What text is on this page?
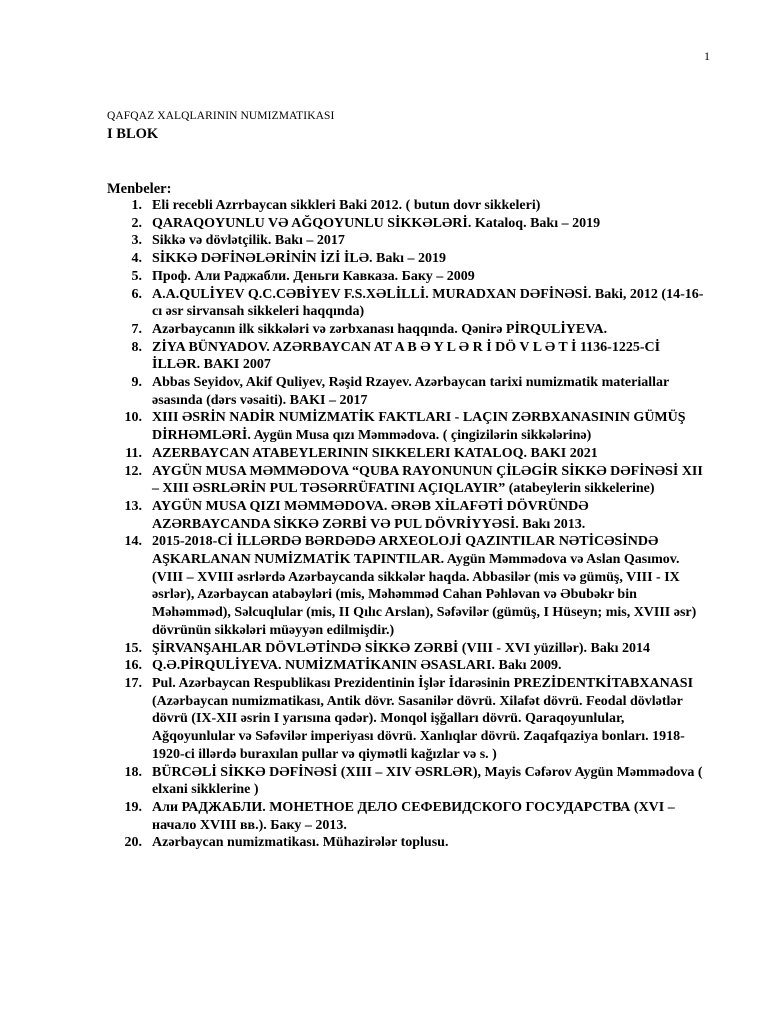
1
QAFQAZ XALQLARININ NUMIZMATIKASI
I BLOK
Menbeler:
1. Eli recebli Azrrbaycan sikkleri Baki 2012. ( butun dovr sikkeleri)
2. QARAQOYUNLU VƏ AĞQOYUNLU SİKKƏLƏRİ. Kataloq. Bakı – 2019
3. Sikkə və dövlətçilik. Bakı – 2017
4. SİKKƏ DƏFİNƏLƏRİNİN İZİ İLƏ. Bakı – 2019
5. Проф. Али Раджабли. Деньги Кавказа. Баку – 2009
6. A.A.QULİYEV Q.C.CƏBİYEV F.S.XƏLİLLİ. MURADXAN DƏFİNƏSİ. Baki, 2012 (14-16-cı əsr sirvansah sikkeleri haqqında)
7. Azərbaycanın ilk sikkələri və zərbxanası haqqında. Qənirə PİRQULİYEVA.
8. ZİYA BÜNYADOV. AZƏRBAYCAN AT A B Ə Y L Ə R İ DÖ V L Ə T İ 1136-1225-Cİ İLLƏR. BAKI 2007
9. Abbas Seyidov, Akif Quliyev, Rəşid Rzayev. Azərbaycan tarixi numizmatik materiallar əsasında (dərs vəsaiti). BAKI – 2017
10. XIII ƏSRİN NADİR NUMİZMATİK FAKTLARI - LAÇIN ZƏRBXANASININ GÜMÜŞ DİRHƏMLƏRİ. Aygün Musa qızı Məmmədova. ( çingizilərin sikkələrinə)
11. AZERBAYCAN ATABEYLERININ SIKKELERI KATALOQ. BAKI 2021
12. AYGÜN MUSA MƏMMƏDOVA “QUBA RAYONUNUN ÇİLƏGİR SİKKƏ DƏFİNƏSİ XII – XIII ƏSRLƏRİN PUL TƏSƏRRÜFATINI AÇIQLAYIR” (atabeylerin sikkelerine)
13. AYGÜN MUSA QIZI MƏMMƏDOVA. ƏRƏB XİLAFƏTİ DÖVRÜNDƏ AZƏRBAYCANDA SİKKƏ ZƏRBİ VƏ PUL DÖVRİYYƏSİ. Bakı 2013.
14. 2015-2018-Cİ İLLƏRDƏ BƏRDƏDƏ ARXEOLOJİ QAZINTILAR NƏTİCƏSİNDƏ AŞKARLANAN NUMİZMATİK TAPINTILAR. Aygün Məmmədova və Aslan Qasımov. (VIII – XVIII əsrlərdə Azərbaycanda sikkələr haqda. Abbasilər (mis və gümüş, VIII - IX əsrlər), Azərbaycan atabəyləri (mis, Məhəmməd Cahan Pəhləvan və Əbubəkr bin Məhəmməd), Səlcuqlular (mis, II Qılıc Arslan), Səfəvilər (gümüş, I Hüseyn; mis, XVIII əsr) dövrünün sikkələri müəyyən edilmişdir.)
15. ŞİRVANŞAHLAR DÖVLƏTİNDƏ SİKKƏ ZƏRBİ (VIII - XVI yüzillər). Bakı 2014
16. Q.Ə.PİRQULİYEVA. NUMİZMATİKANIN ƏSASLARI. Bakı 2009.
17. Pul. Azərbaycan Respublikası Prezidentinin İşlər İdarəsinin PREZİDENTKİTABXANASI (Azərbaycan numizmatikası, Antik dövr. Sasanilər dövrü. Xilafət dövrü. Feodal dövlətlər dövrü (IX-XII əsrin I yarısına qədər). Monqol işğalları dövrü. Qaraqoyunlular, Ağqoyunlular və Səfəvilər imperiyası dövrü. Xanlıqlar dövrü. Zaqafqaziya bonları. 1918-1920-ci illərdə buraxılan pullar və qiymətli kağızlar və s. )
18. BÜRCƏLİ SİKKƏ DƏFİNƏSİ (XIII – XIV ƏSRLƏR), Mayis Cəfərov Aygün Məmmədova ( elxani sikklerine )
19. Али РАДЖАБЛИ. МОНЕТНОЕ ДЕЛО СЕФЕВИДСКОГО ГОСУДАРСТВА (XVI – начало XVIII вв.). Баку – 2013.
20. Azərbaycan numizmatikası. Mühazirələr toplusu.
